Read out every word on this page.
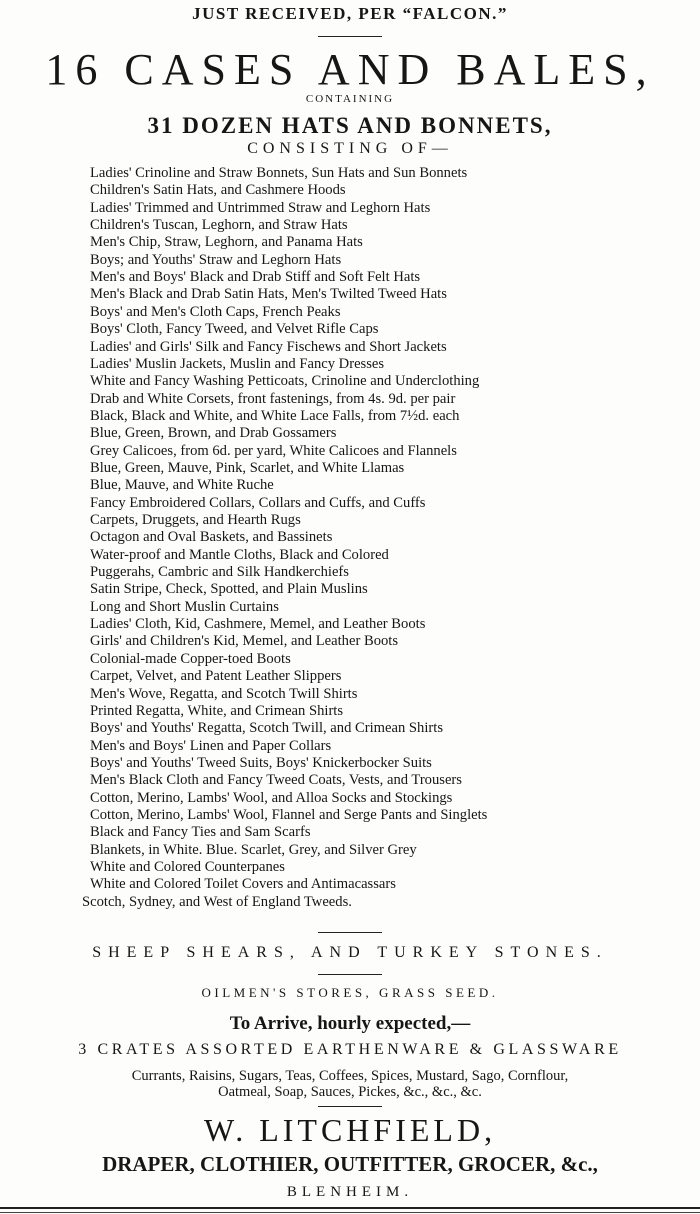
JUST RECEIVED, PER “FALCON.”
16 CASES AND BALES,
CONTAINING
31 DOZEN HATS AND BONNETS,
CONSISTING OF—
Ladies' Crinoline and Straw Bonnets, Sun Hats and Sun Bonnets
Children's Satin Hats, and Cashmere Hoods
Ladies' Trimmed and Untrimmed Straw and Leghorn Hats
Children's Tuscan, Leghorn, and Straw Hats
Men's Chip, Straw, Leghorn, and Panama Hats
Boys; and Youths' Straw and Leghorn Hats
Men's and Boys' Black and Drab Stiff and Soft Felt Hats
Men's Black and Drab Satin Hats, Men's Twilted Tweed Hats
Boys' and Men's Cloth Caps, French Peaks
Boys' Cloth, Fancy Tweed, and Velvet Rifle Caps
Ladies' and Girls' Silk and Fancy Fischews and Short Jackets
Ladies' Muslin Jackets, Muslin and Fancy Dresses
White and Fancy Washing Petticoats, Crinoline and Underclothing
Drab and White Corsets, front fastenings, from 4s. 9d. per pair
Black, Black and White, and White Lace Falls, from 7½d. each
Blue, Green, Brown, and Drab Gossamers
Grey Calicoes, from 6d. per yard, White Calicoes and Flannels
Blue, Green, Mauve, Pink, Scarlet, and White Llamas
Blue, Mauve, and White Ruche
Fancy Embroidered Collars, Collars and Cuffs, and Cuffs
Carpets, Druggets, and Hearth Rugs
Octagon and Oval Baskets, and Bassinets
Water-proof and Mantle Cloths, Black and Colored
Puggerahs, Cambric and Silk Handkerchiefs
Satin Stripe, Check, Spotted, and Plain Muslins
Long and Short Muslin Curtains
Ladies' Cloth, Kid, Cashmere, Memel, and Leather Boots
Girls' and Children's Kid, Memel, and Leather Boots
Colonial-made Copper-toed Boots
Carpet, Velvet, and Patent Leather Slippers
Men's Wove, Regatta, and Scotch Twill Shirts
Printed Regatta, White, and Crimean Shirts
Boys' and Youths' Regatta, Scotch Twill, and Crimean Shirts
Men's and Boys' Linen and Paper Collars
Boys' and Youths' Tweed Suits, Boys' Knickerbocker Suits
Men's Black Cloth and Fancy Tweed Coats, Vests, and Trousers
Cotton, Merino, Lambs' Wool, and Alloa Socks and Stockings
Cotton, Merino, Lambs' Wool, Flannel and Serge Pants and Singlets
Black and Fancy Ties and Sam Scarfs
Blankets, in White. Blue. Scarlet, Grey, and Silver Grey
White and Colored Counterpanes
White and Colored Toilet Covers and Antimacassars
Scotch, Sydney, and West of England Tweeds.
SHEEP SHEARS, AND TURKEY STONES.
OILMEN'S STORES, GRASS SEED.
To Arrive, hourly expected,—
3 CRATES ASSORTED EARTHENWARE & GLASSWARE
Currants, Raisins, Sugars, Teas, Coffees, Spices, Mustard, Sago, Cornflour,
Oatmeal, Soap, Sauces, Pickes, &c., &c., &c.
W. LITCHFIELD,
DRAPER, CLOTHIER, OUTFITTER, GROCER, &c.,
BLENHEIM.
